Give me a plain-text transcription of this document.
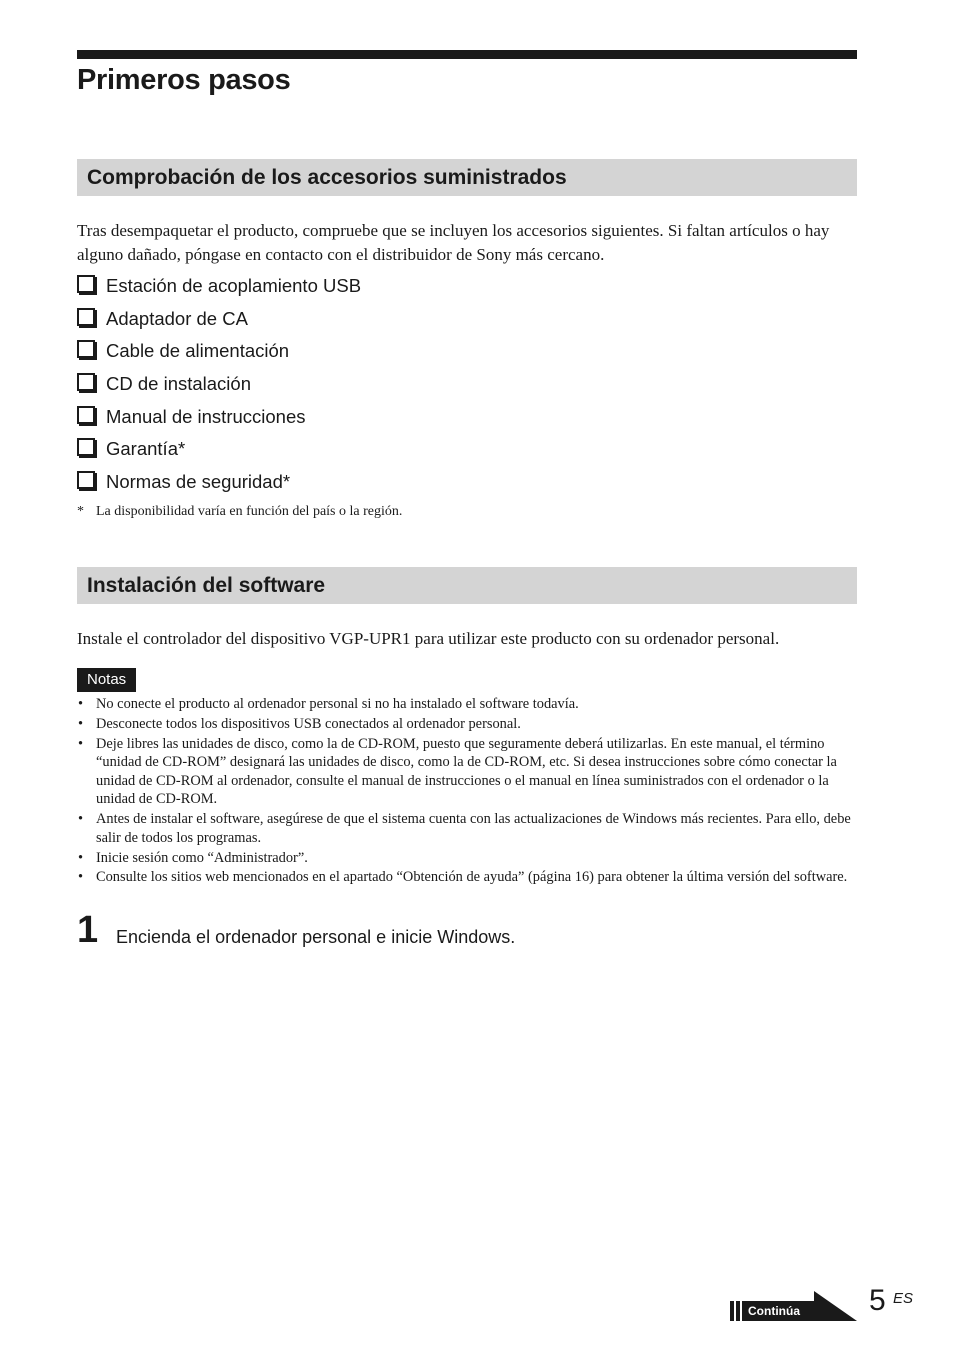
Primeros pasos
Comprobación de los accesorios suministrados

Tras desempaquetar el producto, compruebe que se incluyen los accesorios siguientes. Si faltan artículos o hay alguno dañado, póngase en contacto con el distribuidor de Sony más cercano.

Estación de acoplamiento USB
Adaptador de CA
Cable de alimentación
CD de instalación
Manual de instrucciones
Garantía*
Normas de seguridad*

* La disponibilidad varía en función del país o la región.

Instalación del software

Instale el controlador del dispositivo VGP-UPR1 para utilizar este producto con su ordenador personal.

Notas
• No conecte el producto al ordenador personal si no ha instalado el software todavía.
• Desconecte todos los dispositivos USB conectados al ordenador personal.
• Deje libres las unidades de disco, como la de CD-ROM, puesto que seguramente deberá utilizarlas. En este manual, el término “unidad de CD-ROM” designará las unidades de disco, como la de CD-ROM, etc. Si desea instrucciones sobre cómo conectar la unidad de CD-ROM al ordenador, consulte el manual de instrucciones o el manual en línea suministrados con el ordenador o la unidad de CD-ROM.
• Antes de instalar el software, asegúrese de que el sistema cuenta con las actualizaciones de Windows más recientes. Para ello, debe salir de todos los programas.
• Inicie sesión como “Administrador”.
• Consulte los sitios web mencionados en el apartado “Obtención de ayuda” (página 16) para obtener la última versión del software.
1 Encienda el ordenador personal e inicie Windows.
Continúa 5 ES
